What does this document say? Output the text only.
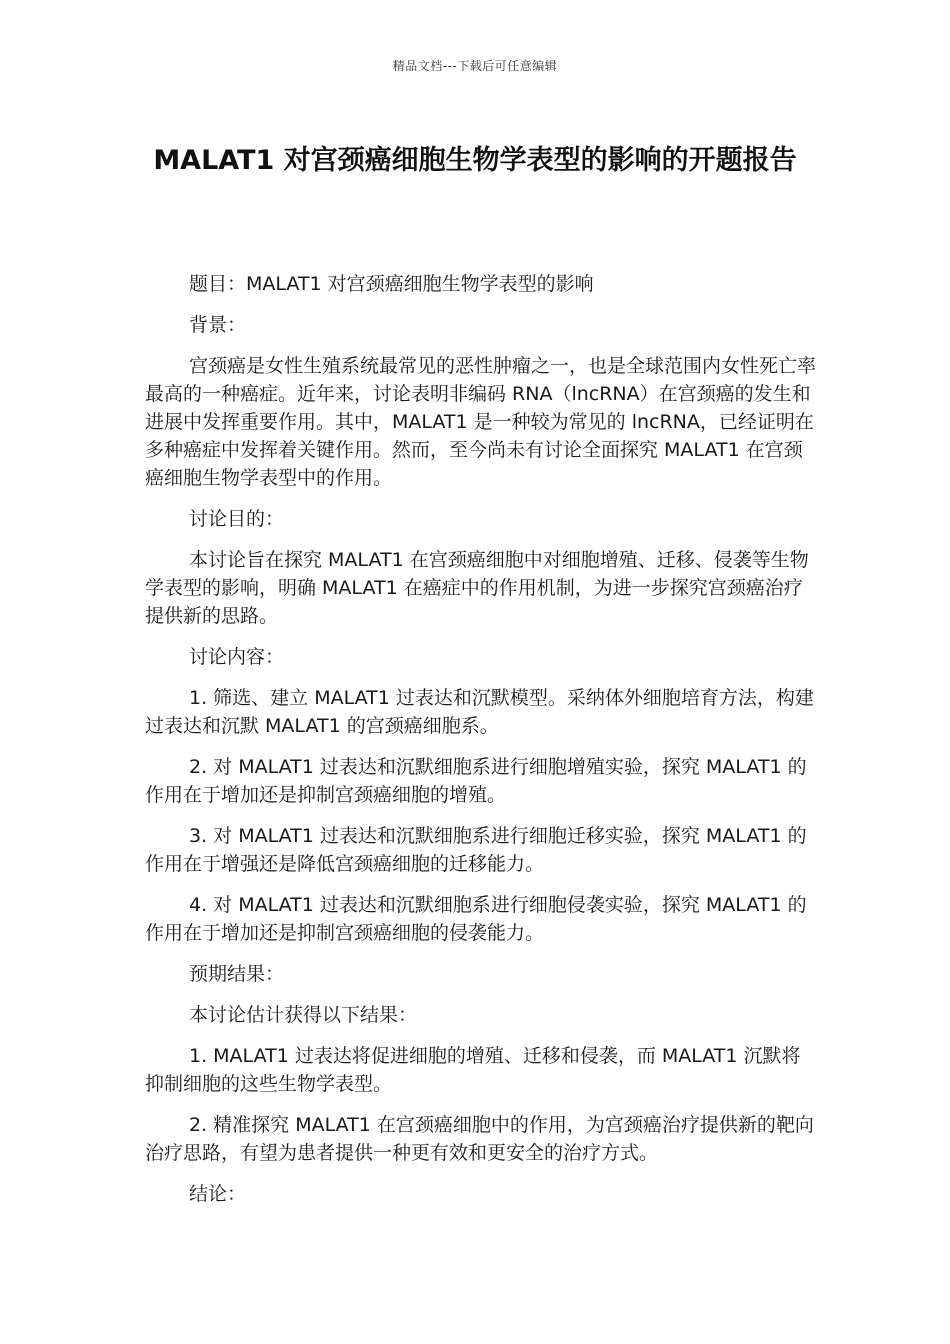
精品文档---下载后可任意编辑
MALAT1 对宫颈癌细胞生物学表型的影响的开题报告

题目：MALAT1 对宫颈癌细胞生物学表型的影响

背景：

宫颈癌是女性生殖系统最常见的恶性肿瘤之一，也是全球范围内女性死亡率最高的一种癌症。近年来，讨论表明非编码 RNA（lncRNA）在宫颈癌的发生和进展中发挥重要作用。其中，MALAT1 是一种较为常见的 lncRNA，已经证明在多种癌症中发挥着关键作用。然而，至今尚未有讨论全面探究 MALAT1 在宫颈癌细胞生物学表型中的作用。

讨论目的：

本讨论旨在探究 MALAT1 在宫颈癌细胞中对细胞增殖、迁移、侵袭等生物学表型的影响，明确 MALAT1 在癌症中的作用机制，为进一步探究宫颈癌治疗提供新的思路。

讨论内容：

1. 筛选、建立 MALAT1 过表达和沉默模型。采纳体外细胞培育方法，构建过表达和沉默 MALAT1 的宫颈癌细胞系。

2. 对 MALAT1 过表达和沉默细胞系进行细胞增殖实验，探究 MALAT1 的作用在于增加还是抑制宫颈癌细胞的增殖。

3. 对 MALAT1 过表达和沉默细胞系进行细胞迁移实验，探究 MALAT1 的作用在于增强还是降低宫颈癌细胞的迁移能力。

4. 对 MALAT1 过表达和沉默细胞系进行细胞侵袭实验，探究 MALAT1 的作用在于增加还是抑制宫颈癌细胞的侵袭能力。

预期结果：

本讨论估计获得以下结果：

1. MALAT1 过表达将促进细胞的增殖、迁移和侵袭，而 MALAT1 沉默将抑制细胞的这些生物学表型。

2. 精准探究 MALAT1 在宫颈癌细胞中的作用，为宫颈癌治疗提供新的靶向治疗思路，有望为患者提供一种更有效和更安全的治疗方式。

结论：
